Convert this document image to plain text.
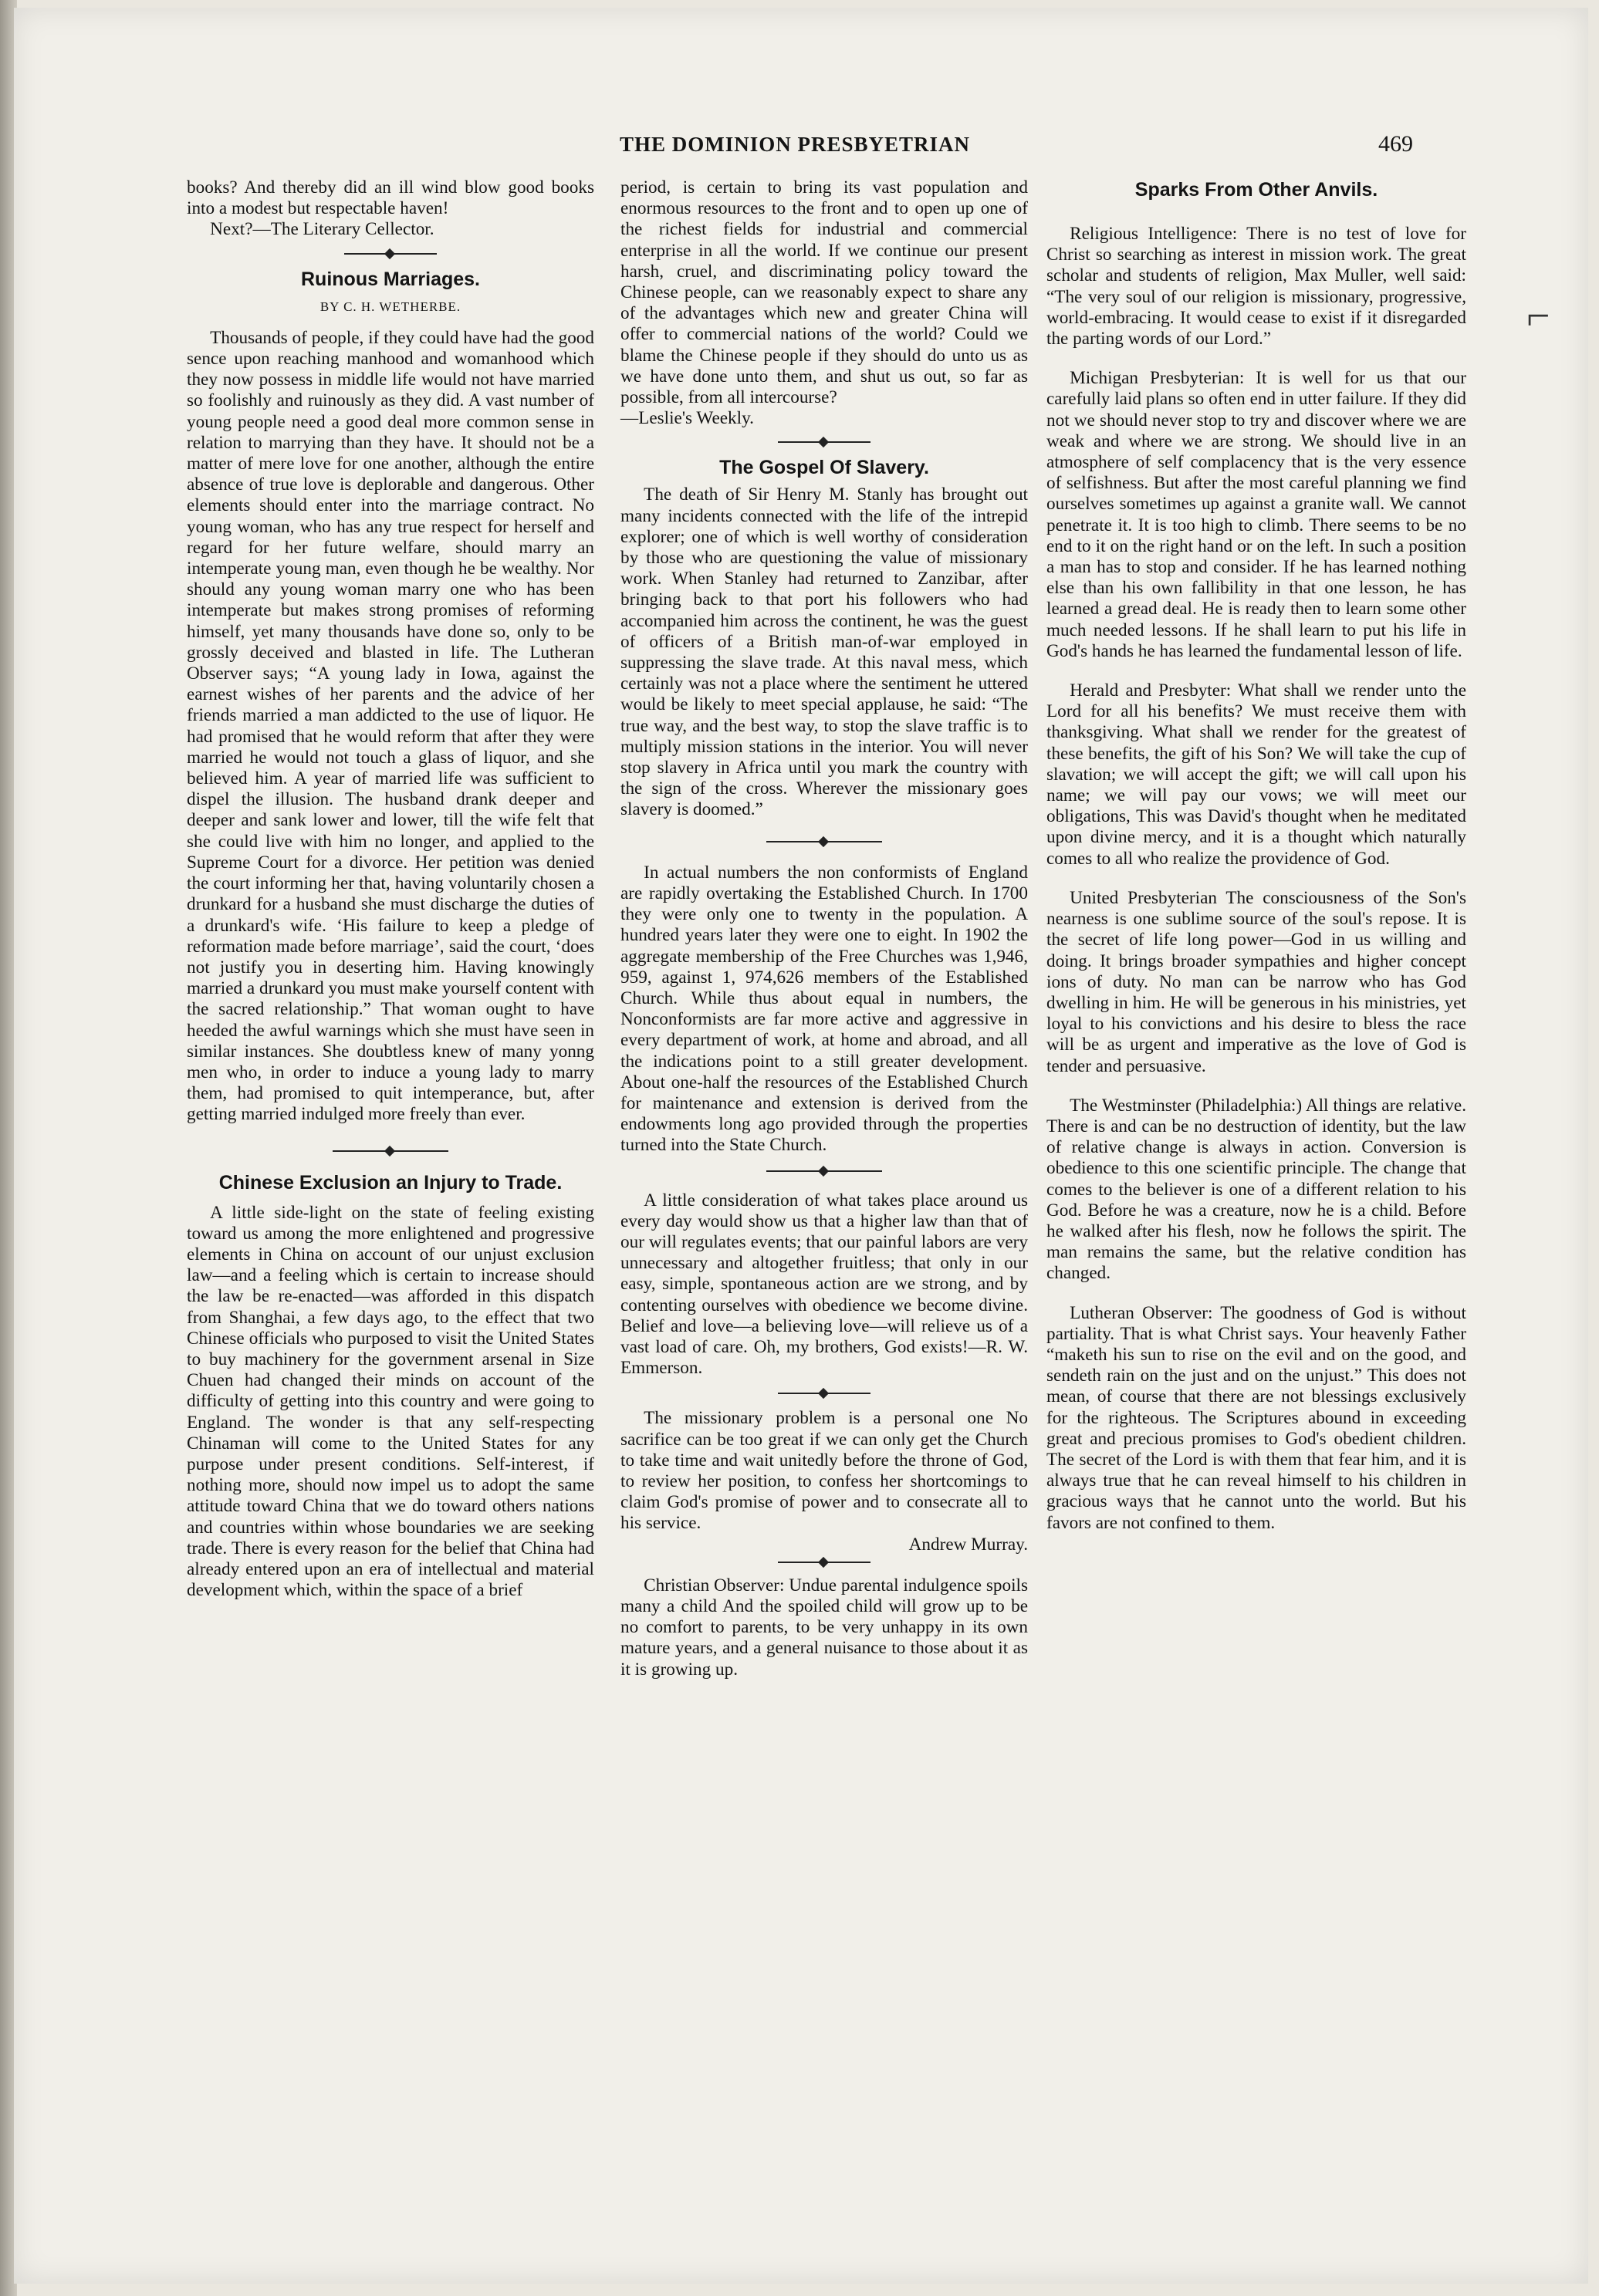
THE DOMINION PRESBYETRIAN	469
⌐

books? And thereby did an ill wind blow good books into a modest but respectable haven!

Next?—The Literary Cellector.

Ruinous Marriages.
BY C. H. WETHERBE.

Thousands of people, if they could have had the good sence upon reaching manhood and womanhood which they now possess in middle life would not have married so foolishly and ruinously as they did. A vast number of young people need a good deal more common sense in relation to marrying than they have. It should not be a matter of mere love for one another, although the entire absence of true love is deplorable and dangerous. Other elements should enter into the marriage contract. No young woman, who has any true respect for herself and regard for her future welfare, should marry an intemperate young man, even though he be wealthy. Nor should any young woman marry one who has been intemperate but makes strong promises of reforming himself, yet many thousands have done so, only to be grossly deceived and blasted in life. The Lutheran Observer says; “A young lady in Iowa, against the earnest wishes of her parents and the advice of her friends married a man addicted to the use of liquor. He had promised that he would reform that after they were married he would not touch a glass of liquor, and she believed him. A year of married life was sufficient to dispel the illusion. The husband drank deeper and deeper and sank lower and lower, till the wife felt that she could live with him no longer, and applied to the Supreme Court for a divorce. Her petition was denied the court informing her that, having voluntarily chosen a drunkard for a husband she must discharge the duties of a drunkard's wife. ‘His failure to keep a pledge of reformation made before marriage’, said the court, ‘does not justify you in deserting him. Having knowingly married a drunkard you must make yourself content with the sacred relationship.” That woman ought to have heeded the awful warnings which she must have seen in similar instances. She doubtless knew of many yonng men who, in order to induce a young lady to marry them, had promised to quit intemperance, but, after getting married indulged more freely than ever.

Chinese Exclusion an Injury to Trade.

A little side-light on the state of feeling existing toward us among the more enlightened and progressive elements in China on account of our unjust exclusion law—and a feeling which is certain to increase should the law be re-enacted—was afforded in this dispatch from Shanghai, a few days ago, to the effect that two Chinese officials who purposed to visit the United States to buy machinery for the government arsenal in Size Chuen had changed their minds on account of the difficulty of getting into this country and were going to England. The wonder is that any self-respecting Chinaman will come to the United States for any purpose under present conditions. Self-interest, if nothing more, should now impel us to adopt the same attitude toward China that we do toward others nations and countries within whose boundaries we are seeking trade. There is every reason for the belief that China had already entered upon an era of intellectual and material development which, within the space of a brief

period, is certain to bring its vast population and enormous resources to the front and to open up one of the richest fields for industrial and commercial enterprise in all the world. If we continue our present harsh, cruel, and discriminating policy toward the Chinese people, can we reasonably expect to share any of the advantages which new and greater China will offer to commercial nations of the world? Could we blame the Chinese people if they should do unto us as we have done unto them, and shut us out, so far as possible, from all intercourse?

—Leslie's Weekly.

The Gospel Of Slavery.

The death of Sir Henry M. Stanly has brought out many incidents connected with the life of the intrepid explorer; one of which is well worthy of consideration by those who are questioning the value of missionary work. When Stanley had returned to Zanzibar, after bringing back to that port his followers who had accompanied him across the continent, he was the guest of officers of a British man-of-war employed in suppressing the slave trade. At this naval mess, which certainly was not a place where the sentiment he uttered would be likely to meet special applause, he said: “The true way, and the best way, to stop the slave traffic is to multiply mission stations in the interior. You will never stop slavery in Africa until you mark the country with the sign of the cross. Wherever the missionary goes slavery is doomed.”

In actual numbers the non conformists of England are rapidly overtaking the Established Church. In 1700 they were only one to twenty in the population. A hundred years later they were one to eight. In 1902 the aggregate membership of the Free Churches was 1,946, 959, against 1, 974,626 members of the Established Church. While thus about equal in numbers, the Nonconformists are far more active and aggressive in every department of work, at home and abroad, and all the indications point to a still greater development. About one-half the resources of the Established Church for maintenance and extension is derived from the endowments long ago provided through the properties turned into the State Church.

A little consideration of what takes place around us every day would show us that a higher law than that of our will regulates events; that our painful labors are very unnecessary and altogether fruitless; that only in our easy, simple, spontaneous action are we strong, and by contenting ourselves with obedience we become divine. Belief and love—a believing love—will relieve us of a vast load of care. Oh, my brothers, God exists!—R. W. Emmerson.

The missionary problem is a personal one No sacrifice can be too great if we can only get the Church to take time and wait unitedly before the throne of God, to review her position, to confess her shortcomings to claim God's promise of power and to consecrate all to his service.

Andrew Murray.

Christian Observer: Undue parental indulgence spoils many a child And the spoiled child will grow up to be no comfort to parents, to be very unhappy in its own mature years, and a general nuisance to those about it as it is growing up.

Sparks From Other Anvils.

Religious Intelligence: There is no test of love for Christ so searching as interest in mission work. The great scholar and students of religion, Max Muller, well said: “The very soul of our religion is missionary, progressive, world-embracing. It would cease to exist if it disregarded the parting words of our Lord.”

Michigan Presbyterian: It is well for us that our carefully laid plans so often end in utter failure. If they did not we should never stop to try and discover where we are weak and where we are strong. We should live in an atmosphere of self complacency that is the very essence of selfishness. But after the most careful planning we find ourselves sometimes up against a granite wall. We cannot penetrate it. It is too high to climb. There seems to be no end to it on the right hand or on the left. In such a position a man has to stop and consider. If he has learned nothing else than his own fallibility in that one lesson, he has learned a gread deal. He is ready then to learn some other much needed lessons. If he shall learn to put his life in God's hands he has learned the fundamental lesson of life.

Herald and Presbyter: What shall we render unto the Lord for all his benefits? We must receive them with thanksgiving. What shall we render for the greatest of these benefits, the gift of his Son? We will take the cup of slavation; we will accept the gift; we will call upon his name; we will pay our vows; we will meet our obligations, This was David's thought when he meditated upon divine mercy, and it is a thought which naturally comes to all who realize the providence of God.

United Presbyterian The consciousness of the Son's nearness is one sublime source of the soul's repose. It is the secret of life long power—God in us willing and doing. It brings broader sympathies and higher concept ions of duty. No man can be narrow who has God dwelling in him. He will be generous in his ministries, yet loyal to his convictions and his desire to bless the race will be as urgent and imperative as the love of God is tender and persuasive.

The Westminster (Philadelphia:) All things are relative. There is and can be no destruction of identity, but the law of relative change is always in action. Conversion is obedience to this one scientific principle. The change that comes to the believer is one of a different relation to his God. Before he was a creature, now he is a child. Before he walked after his flesh, now he follows the spirit. The man remains the same, but the relative condition has changed.

Lutheran Observer: The goodness of God is without partiality. That is what Christ says. Your heavenly Father “maketh his sun to rise on the evil and on the good, and sendeth rain on the just and on the unjust.” This does not mean, of course that there are not blessings exclusively for the righteous. The Scriptures abound in exceeding great and precious promises to God's obedient children. The secret of the Lord is with them that fear him, and it is always true that he can reveal himself to his children in gracious ways that he cannot unto the world. But his favors are not confined to them.
